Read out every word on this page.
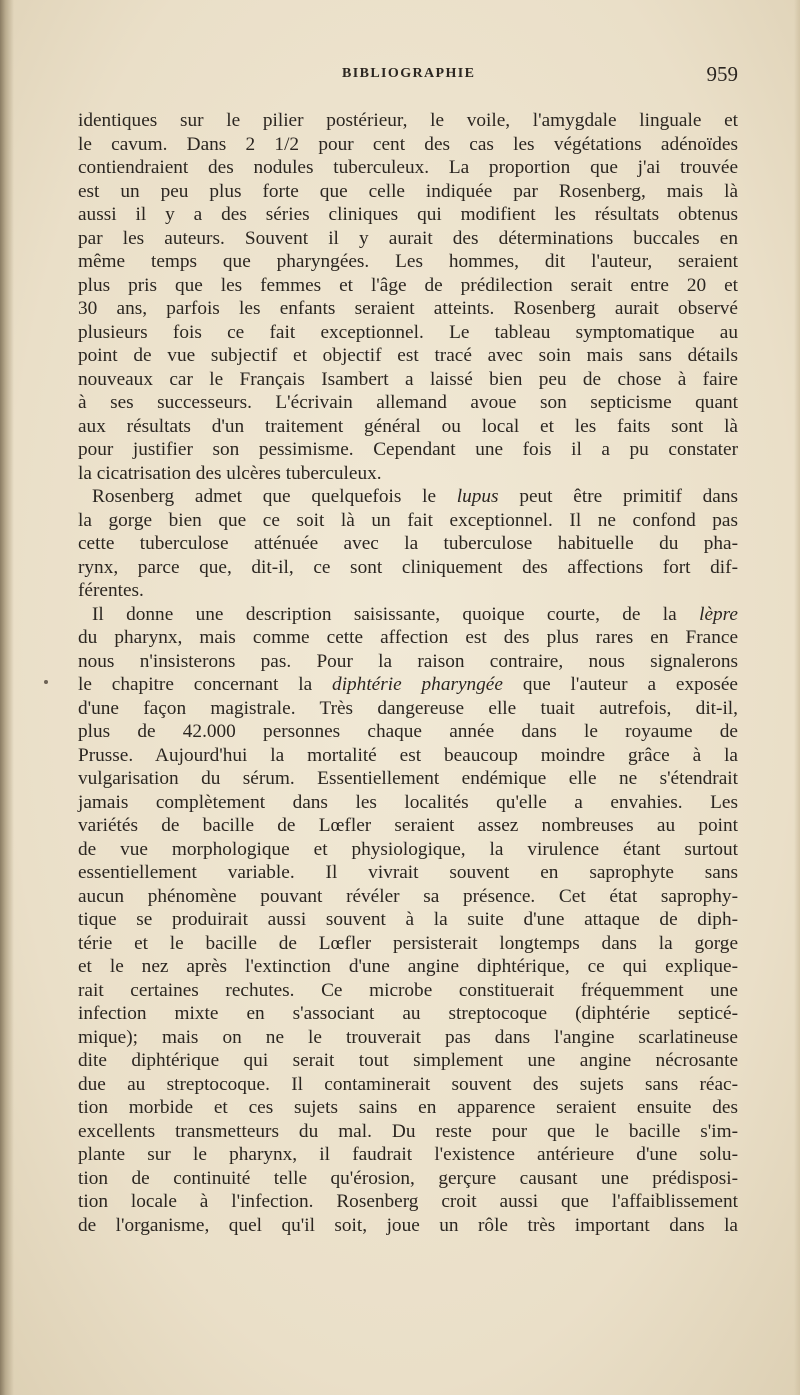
BIBLIOGRAPHIE	959
identiques sur le pilier postérieur, le voile, l'amygdale linguale et
le cavum. Dans 2 1/2 pour cent des cas les végétations adénoïdes
contiendraient des nodules tuberculeux. La proportion que j'ai trouvée
est un peu plus forte que celle indiquée par Rosenberg, mais là
aussi il y a des séries cliniques qui modifient les résultats obtenus
par les auteurs. Souvent il y aurait des déterminations buccales en
même temps que pharyngées. Les hommes, dit l'auteur, seraient
plus pris que les femmes et l'âge de prédilection serait entre 20 et
30 ans, parfois les enfants seraient atteints. Rosenberg aurait observé
plusieurs fois ce fait exceptionnel. Le tableau symptomatique au
point de vue subjectif et objectif est tracé avec soin mais sans détails
nouveaux car le Français Isambert a laissé bien peu de chose à faire
à ses successeurs. L'écrivain allemand avoue son septicisme quant
aux résultats d'un traitement général ou local et les faits sont là
pour justifier son pessimisme. Cependant une fois il a pu constater
la cicatrisation des ulcères tuberculeux.
Rosenberg admet que quelquefois le lupus peut être primitif dans
la gorge bien que ce soit là un fait exceptionnel. Il ne confond pas
cette tuberculose atténuée avec la tuberculose habituelle du pha-
rynx, parce que, dit-il, ce sont cliniquement des affections fort dif-
férentes.
Il donne une description saisissante, quoique courte, de la lèpre
du pharynx, mais comme cette affection est des plus rares en France
nous n'insisterons pas. Pour la raison contraire, nous signalerons
le chapitre concernant la diphtérie pharyngée que l'auteur a exposée
d'une façon magistrale. Très dangereuse elle tuait autrefois, dit-il,
plus de 42.000 personnes chaque année dans le royaume de
Prusse. Aujourd'hui la mortalité est beaucoup moindre grâce à la
vulgarisation du sérum. Essentiellement endémique elle ne s'étendrait
jamais complètement dans les localités qu'elle a envahies. Les
variétés de bacille de Lœfler seraient assez nombreuses au point
de vue morphologique et physiologique, la virulence étant surtout
essentiellement variable. Il vivrait souvent en saprophyte sans
aucun phénomène pouvant révéler sa présence. Cet état saprophy-
tique se produirait aussi souvent à la suite d'une attaque de diph-
térie et le bacille de Lœfler persisterait longtemps dans la gorge
et le nez après l'extinction d'une angine diphtérique, ce qui explique-
rait certaines rechutes. Ce microbe constituerait fréquemment une
infection mixte en s'associant au streptocoque (diphtérie septicé-
mique); mais on ne le trouverait pas dans l'angine scarlatineuse
dite diphtérique qui serait tout simplement une angine nécrosante
due au streptocoque. Il contaminerait souvent des sujets sans réac-
tion morbide et ces sujets sains en apparence seraient ensuite des
excellents transmetteurs du mal. Du reste pour que le bacille s'im-
plante sur le pharynx, il faudrait l'existence antérieure d'une solu-
tion de continuité telle qu'érosion, gerçure causant une prédisposi-
tion locale à l'infection. Rosenberg croit aussi que l'affaiblissement
de l'organisme, quel qu'il soit, joue un rôle très important dans la
